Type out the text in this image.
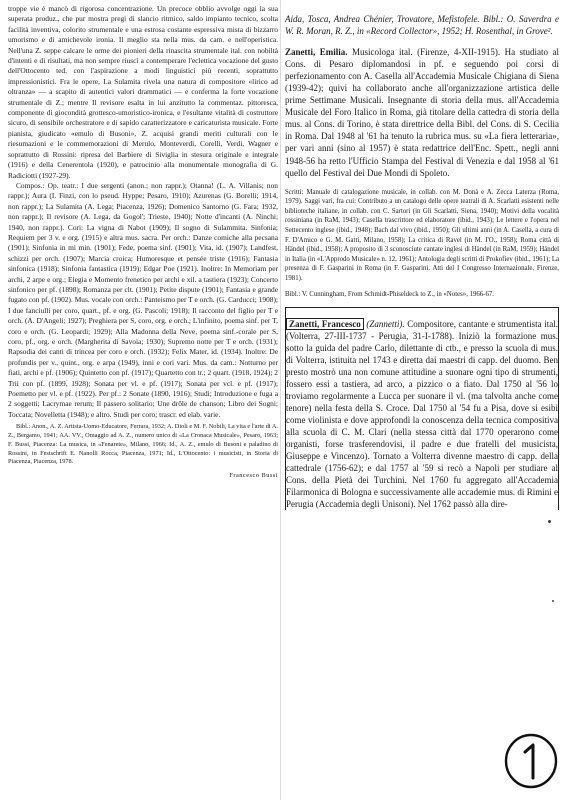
troppe vie è mancò di rigorosa concentrazione. Un precoce obblio avvolge oggi la sua superata produz., che pur mostra pregi di slancio ritmico, saldo impianto tecnico, scolta facilità inventiva, colorito strumentale e una estrosa costante espressiva mista di bizzarro umorismo e di amichevole ironia. Il meglio sta nella mus. da cam. e nell'operistica. Nell'una Z. seppe calcare le orme dei pionieri della rinascita strumentale ital. con nobiltà d'intenti e di risultati, ma non sempre riuscì a contemperare l'eclettica vocazione del gusto dell'Ottocento ted. con l'aspirazione a modi linguistici più recenti, soprattutto impressionistici. Fra le opere, La Sulamita rivela una natura di compositore «lirico ad oltranza» — a scapito di autentici valori drammatici — e conferma la forte vocazione strumentale di Z.; mentre Il revisore esalta in lui anzitutto la commentaz. pittoresca, componente di giocondità grottesco-umoristico-ironica, e l'esultante vitalità di costruttore sicuro, di sensibile orchestratore e di sapido caratterizzatore e caricaturista musicale. Forte pianista, giudicato «emulo di Busoni», Z. acquisì grandi meriti culturali con le riesumazioni e le commemorazioni di Merulo, Monteverdi, Corelli, Verdi, Wagner e soprattutto di Rossini: ripresa del Barbiere di Siviglia in stesura originale e integrale (1916) e della Cenerentola (1920), e patrocinio alla monumentale monografia di G. Radiciotti (1927-29).

Compos.: Op. teatr.: I due sergenti (anon.; non rappr.); Otanna! (L. A. Villanis; non rappr.); Aura (I. Finzi, con lo pseud. Hyppe; Pesaro, 1910); Azurenas (G. Borelli; 1914, non rappr.); La Sulamita (A. Lega; Piacenza, 1926); Domenico Santorno (G. Fara; 1932, non rappr.); Il revisore (A. Lega, da Gogol'; Trieste, 1940); Notte d'incanti (A. Ninchi; 1940, non rappr.). Cori: La vigna di Nabot (1909); Il sogno di Sulammita. Sinfonia; Requiem per 3 v. e org. (1915) e altra mus. sacra. Per orch.: Danze comiche alla pecsana (1901); Sinfonia in mi min. (1901); Fede, poema sinf. (1901); Vita, id. (1907); Landfest, schizzi per orch. (1907); Marcia croica; Humoresque et pensée triste (1916); Fantasia sinfonica (1918); Sinfonia fantastica (1919); Edgar Poe (1921). Inoltre: In Memoriam per archi, 2 arpe e org.; Elegia e Momento frenetico per archi e xil. a tastiera (1923); Concerto sinfonico per pf. (1898); Romanza per clt. (1901); Petite dispute (1901); Fantasia e grande fugato con pf. (1902). Mus. vocale con orch.: Panteismo per T e orch. (G. Carducci; 1908); I due fanciulli per coro, quart., pf. e org. (G. Pascoli; 1918); Il racconto del figlio per T e orch. (A. D'Angeli; 1927); Preghiera per S, coro, org. e orch.; L'infinito, poema sinf. per T, coro e orch. (G. Leopardi; 1929); Alla Madonna della Neve, poema sinf.-corale per S, coro, pf., org. e orch. (Margherita di Savoia; 1930); Supremo notte per T e orch. (1931); Rapsodia dei canti di trincea per coro e orch. (1932); Felix Mater, id. (1934). Inoltre: De profundis per v., quint., org. e arpa (1949), inni e cori vari. Mus. da cam.: Notturno per fiati, archi e pf. (1906); Quintetto con pf. (1917); Quartetto con tr.; 2 quart. (1918, 1924); 2 Trii con pf. (1899, 1928); Sonata per vl. e pf. (1917); Sonata per vcl. e pf. (1917); Poemetto per vl. e pf. (1922). Per pf.: 2 Sonate (1890, 1916); Studi; Introduzione e fuga a 2 soggetti; Lacrymae rerum; Il passero solitario; Une drôle de chanson; Libro dei Sogni; Toccata; Novelletta (1948); e altro. Studi per coro; trascr. ed elab. varie.

Bibl.: Anon., A. Z. Artista-Uomo-Educatore, Ferrara, 1932; A. Dioli e M. F. Nobili, La vita e l'arte di A. Z., Bergamo, 1941; AA. VV., Omaggio ad A. Z., numero unico di «La Cronaca Musicale», Pesaro, 1963; F. Bussi, Piacenza: La musica, in «Fenarete», Milano, 1966; Id., A. Z., emulo di Busoni e paladino di Rossini, in Festschrift E. Nanolli Rocca, Piacenza, 1971; Id., L'Ottocento: i musicisti, in Storia di Piacenza, Piacenza, 1978.

Francesco Bussi

Aida, Tosca, Andrea Chénier, Trovatore, Mefistofele. Bibl.: O. Saverdra e W. R. Moran, R. Z., in «Record Collector», 1952; H. Rosenthal, in Grove².

Zanetti, Emilia. Musicologa ital. (Firenze, 4-XII-1915). Ha studiato al Cons. di Pesaro diplomandosi in pf. e seguendo poi corsi di perfezionamento con A. Casella all'Accademia Musicale Chigiana di Siena (1939-42); quivi ha collaborato anche all'organizzazione artistica delle prime Settimane Musicali. Insegnante di storia della mus. all'Accademia Musicale del Foro Italico in Roma, già titolare della cattedra di storia della mus. al Cons. di Torino, è stata direttrice della Bibl. del Cons. di S. Cecilia in Roma. Dal 1948 al '61 ha tenuto la rubrica mus. su «La fiera letteraria», per vari anni (sino al 1957) è stata redattrice dell'Enc. Spett., negli anni 1948-56 ha retto l'Ufficio Stampa del Festival di Venezia e dal 1958 al '61 quello del Festival dei Due Mondi di Spoleto.

Scritti: Manuale di catalogazione musicale, in collab. con M. Donà e A. Zecca Laterza (Roma, 1979). Saggi vari, fra cui: Contributo a un catalogo delle opere teatrali di A. Scarlatti esistenti nelle biblioteche italiane, in collab. con C. Sartori (in Gli Scarlatti, Siena, 1940); Motivi della vocalità rossiniana (in RaM, 1943); Casella trascrittore ed elaboratore (ibid., 1943); Le lettere e l'opera nel Settecento inglese (ibid., 1948); Bach dal vivo (ibid., 1950); Gli ultimi anni (in A. Casella, a cura di F. D'Amico e G. M. Gatti, Milano, 1958); La critica di Ravel (in M. I'O., 1958); Roma città di Händel (ibid., 1958); A proposito di 3 sconosciute cantate inglesi di Händel (in RaM, 1959); Händel in Italia (in «L'Approdo Musicale» n. 12, 1961); Antologia degli scritti di Prokofiev (ibid., 1961); La presenza di F. Gasparini in Roma (in F. Gasparini. Atti del I Congresso Internazionale, Firenze, 1981).

Bibl.: V. Cunningham, From Schmidt-Phiseldeck to Z., in «Notes», 1966-67.

Zanetti, Francesco (Zannetti). Compositore, cantante e strumentista ital. (Volterra, 27-III-1737 - Perugia, 31-I-1788). Iniziò la formazione mus. sotto la guida del padre Carlo, dilettante di ctb., e presso la scuola di mus. di Volterra, istituita nel 1743 e diretta dai maestri di capp. del duomo. Ben presto mostrò una non comune attitudine a suonare ogni tipo di strumenti, fossero essi a tastiera, ad arco, a pizzico o a fiato. Dal 1750 al '56 lo troviamo regolarmente a Lucca per suonare il vl. (ma talvolta anche come tenore) nella festa della S. Croce. Dal 1750 al '54 fu a Pisa, dove si esibì come violinista e dove approfondì la conoscenza della tecnica compositiva alla scuola di C. M. Clari (nella stessa città dal 1770 operarono come organisti, forse trasferendovisi, il padre e due fratelli del musicista, Giuseppe e Vincenzo). Tornato a Volterra divenne maestro di capp. della cattedrale (1756-62); e dal 1757 al '59 si recò a Napoli per studiare al Cons. della Pietà dei Turchini. Nel 1760 fu aggregato all'Accademia Filarmonica di Bologna e successivamente alle accademie mus. di Rimini e Perugia (Accademia degli Unisoni). Nel 1762 passò alla dire-
